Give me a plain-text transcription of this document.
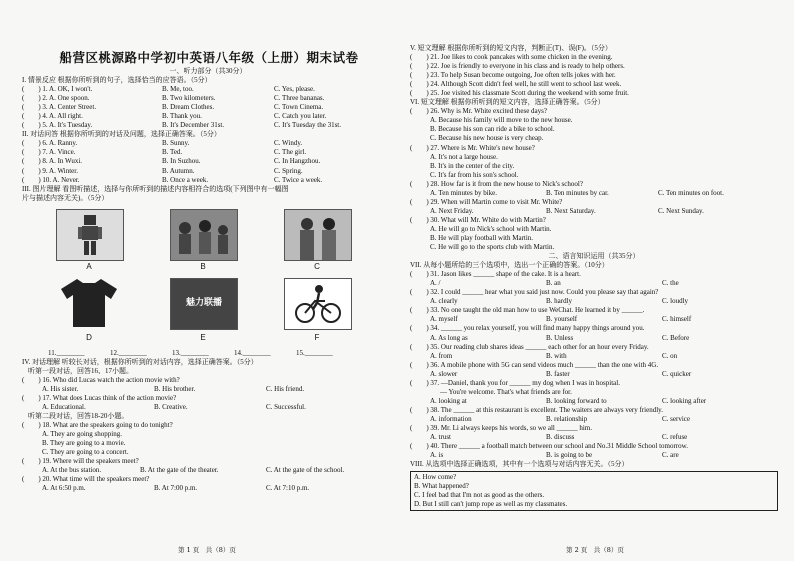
船营区桃源路中学初中英语八年级（上册）期末试卷
一、听力部分（共30分）
I. 情景反应 根据你所听到的句子，选择恰当的应答语。（5分）
(　　) 1. A. OK, I won't.	B. Me, too.	C. Yes, please.
(　　) 2. A. One spoon.	B. Two kilometers.	C. Three bananas.
(　　) 3. A. Center Street.	B. Dream Clothes.	C. Town Cinema.
(　　) 4. A. All right.	B. Thank you.	C. Catch you later.
(　　) 5. A. It's Tuesday.	B. It's December 31st.	C. It's Tuesday the 31st.
II. 对话问答 根据你所听到的对话及问题，选择正确答案。（5分）
(　　) 6. A. Ranny.	B. Sunny.	C. Windy.
(　　) 7. A. Vince.	B. Ted.	C. The girl.
(　　) 8. A. In Wuxi.	B. In Suzhou.	C. In Hangzhou.
(　　) 9. A. Winter.	B. Autumn.	C. Spring.
(　　) 10. A. Never.	B. Once a week.	C. Twice a week.
III. 图片理解 看图听描述，选择与你所听到的描述内容相符合的选项(下列图中有一幅图
片与描述内容无关)。（5分）
A	B	C
魅力联播
D	E	F
11.________	12.________	13.________	14.________	15.________
IV. 对话理解 听较长对话，根据你所听到的对话内容，选择正确答案。（5分）
听第一段对话，回答16、17小题。
(　　) 16. Who did Lucas watch the action movie with?
A. His sister.	B. His brother.	C. His friend.
(　　) 17. What does Lucas think of the action movie?
A. Educational.	B. Creative.	C. Successful.
听第二段对话，回答18-20小题。
(　　) 18. What are the speakers going to do tonight?
A. They are going shopping.
B. They are going to a movie.
C. They are going to a concert.
(　　) 19. Where will the speakers meet?
A. At the bus station.	B. At the gate of the theater.	C. At the gate of the school.
(　　) 20. What time will the speakers meet?
A. At 6:50 p.m.	B. At 7:00 p.m.	C. At 7:10 p.m.
第 1 页　共（8）页
V. 短文理解 根据你所听到的短文内容，判断正(T)、误(F)。（5分）
(　　) 21. Joe likes to cook pancakes with some chicken in the evening.
(　　) 22. Joe is friendly to everyone in his class and is ready to help others.
(　　) 23. To help Susan become outgoing, Joe often tells jokes with her.
(　　) 24. Although Scott didn't feel well, he still went to school last week.
(　　) 25. Joe visited his classmate Scott during the weekend with some fruit.
VI. 短文理解 根据你所听到的短文内容，选择正确答案。（5分）
(　　) 26. Why is Mr. White excited these days?
A. Because his family will move to the new house.
B. Because his son can ride a bike to school.
C. Because his new house is very cheap.
(　　) 27. Where is Mr. White's new house?
A. It's not a large house.
B. It's in the center of the city.
C. It's far from his son's school.
(　　) 28. How far is it from the new house to Nick's school?
A. Ten minutes by bike.	B. Ten minutes by car.	C. Ten minutes on foot.
(　　) 29. When will Martin come to visit Mr. White?
A. Next Friday.	B. Next Saturday.	C. Next Sunday.
(　　) 30. What will Mr. White do with Martin?
A. He will go to Nick's school with Martin.
B. He will play football with Martin.
C. He will go to the sports club with Martin.
二、语言知识运用（共35分）
VII. 从每小题所给的三个选项中，选出一个正确的答案。（10分）
(　　) 31. Jason likes ______ shape of the cake. It is a heart.
A. /	B. an	C. the
(　　) 32. I could ______ hear what you said just now. Could you please say that again?
A. clearly	B. hardly	C. loudly
(　　) 33. No one taught the old man how to use WeChat. He learned it by ______.
A. myself	B. yourself	C. himself
(　　) 34. ______ you relax yourself, you will find many happy things around you.
A. As long as	B. Unless	C. Before
(　　) 35. Our reading club shares ideas ______ each other for an hour every Friday.
A. from	B. with	C. on
(　　) 36. A mobile phone with 5G can send videos much ______ than the one with 4G.
A. slower	B. faster	C. quicker
(　　) 37. —Daniel, thank you for ______ my dog when I was in hospital.
— You're welcome. That's what friends are for.
A. looking at	B. looking forward to	C. looking after
(　　) 38. The ______ at this restaurant is excellent. The waiters are always very friendly.
A. information	B. relationship	C. service
(　　) 39. Mr. Li always keeps his words, so we all ______ him.
A. trust	B. discuss	C. refuse
(　　) 40. There ______ a football match between our school and No.31 Middle School tomorrow.
A. is	B. is going to be	C. are
VIII. 从选项中选择正确选项，其中有一个选项与对话内容无关。（5分）
A. How come?
B. What happened?
C. I feel bad that I'm not as good as the others.
D. But I still can't jump rope as well as my classmates.
第 2 页　共（8）页
